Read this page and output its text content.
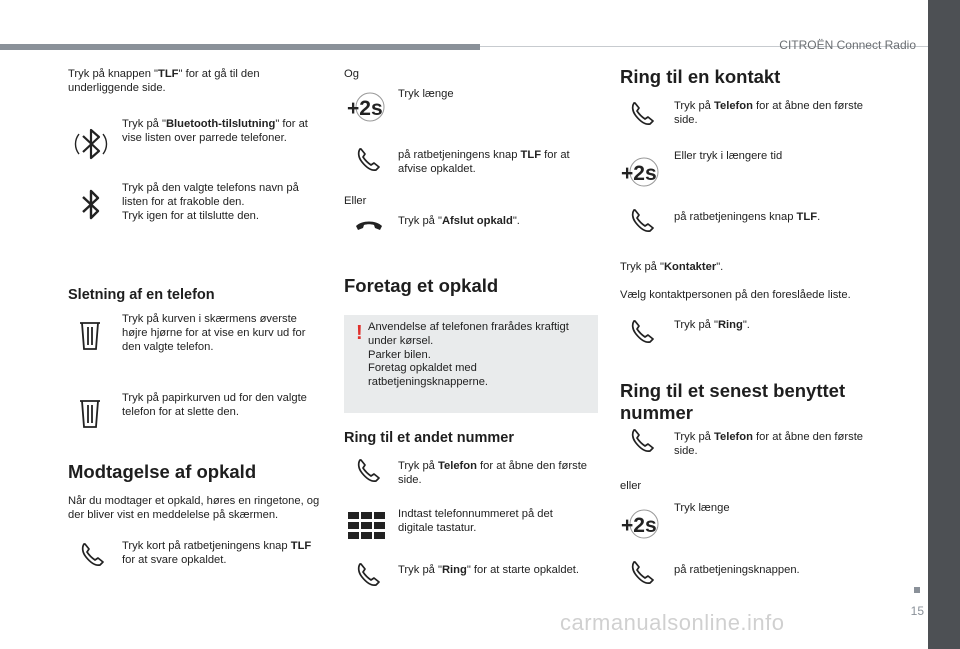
CITROËN Connect Radio
15
carmanualsonline.info
Tryk på knappen "TLF" for at gå til den underliggende side.
Tryk på "Bluetooth-tilslutning" for at vise listen over parrede telefoner.
Tryk på den valgte telefons navn på listen for at frakoble den.
Tryk igen for at tilslutte den.
Sletning af en telefon
Tryk på kurven i skærmens øverste højre hjørne for at vise en kurv ud for den valgte telefon.
Tryk på papirkurven ud for den valgte telefon for at slette den.
Modtagelse af opkald
Når du modtager et opkald, høres en ringetone, og der bliver vist en meddelelse på skærmen.
Tryk kort på ratbetjeningens knap TLF for at svare opkaldet.
Og
+2s
Tryk længe
på ratbetjeningens knap TLF for at afvise opkaldet.
Eller
Tryk på "Afslut opkald".
Foretag et opkald
! Anvendelse af telefonen frarådes kraftigt under kørsel.
Parker bilen.
Foretag opkaldet med ratbetjeningsknapperne.
Ring til et andet nummer
Tryk på Telefon for at åbne den første side.
Indtast telefonnummeret på det digitale tastatur.
Tryk på "Ring" for at starte opkaldet.
Ring til en kontakt
Tryk på Telefon for at åbne den første side.
+2s
Eller tryk i længere tid
på ratbetjeningens knap TLF.
Tryk på "Kontakter".
Vælg kontaktpersonen på den foreslåede liste.
Tryk på "Ring".
Ring til et senest benyttet nummer
Tryk på Telefon for at åbne den første side.
eller
+2s
Tryk længe
på ratbetjeningsknappen.
